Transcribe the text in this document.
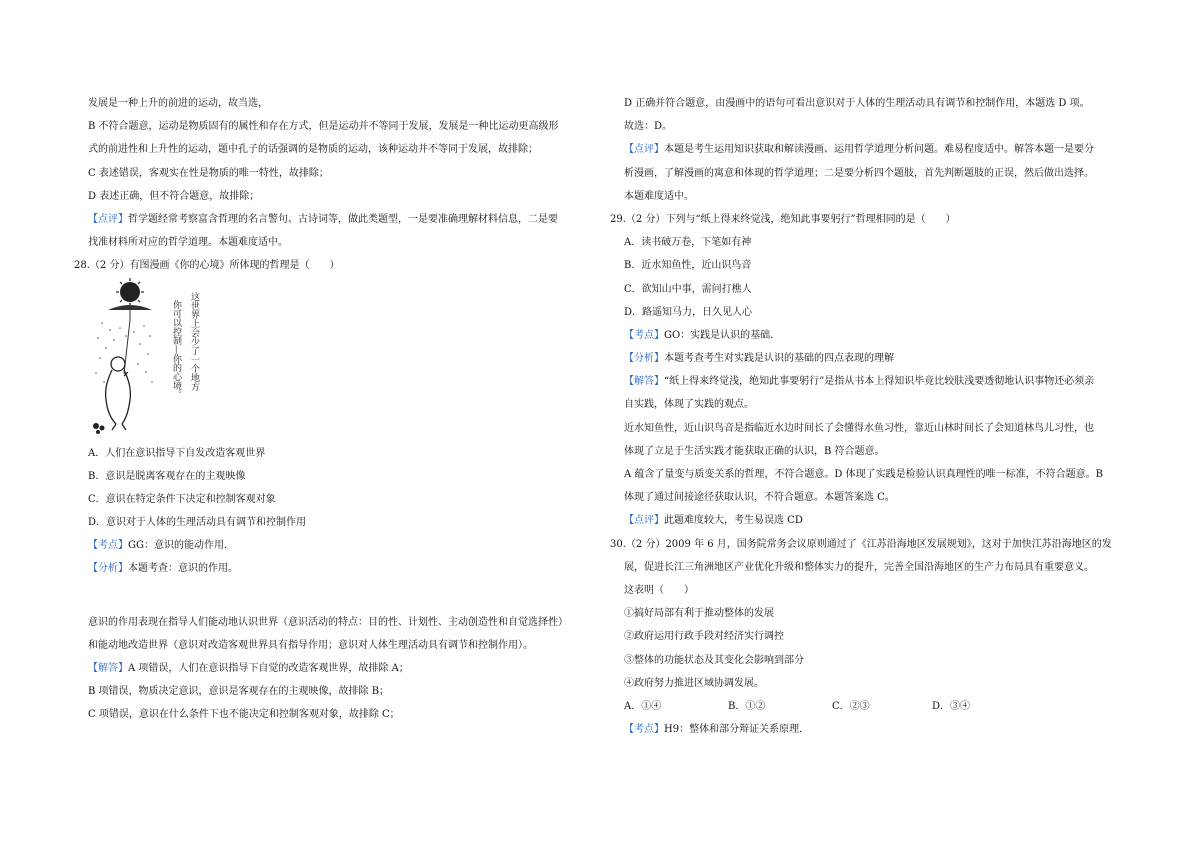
发展是一种上升的前进的运动，故当选，
B 不符合题意，运动是物质固有的属性和存在方式，但是运动并不等同于发展，发展是一种比运动更高级形
式的前进性和上升性的运动，题中孔子的话强调的是物质的运动，该种运动并不等同于发展，故排除；
C 表述错误，客观实在性是物质的唯一特性，故排除；
D 表述正确，但不符合题意，故排除；
【点评】哲学题经常考察富含哲理的名言警句、古诗词等，做此类题型，一是要准确理解材料信息，二是要
找准材料所对应的哲学道理。本题难度适中。
28.（2 分）有图漫画《你的心境》所体现的哲理是（　　）
这世界上会少了一个地方
你可以控制—你的心境。
A．人们在意识指导下自发改造客观世界
B．意识是脱离客观存在的主观映像
C．意识在特定条件下决定和控制客观对象
D．意识对于人体的生理活动具有调节和控制作用
【考点】GG：意识的能动作用．
【分析】本题考查：意识的作用。
意识的作用表现在指导人们能动地认识世界（意识活动的特点：目的性、计划性、主动创造性和自觉选择性）
和能动地改造世界（意识对改造客观世界具有指导作用；意识对人体生理活动具有调节和控制作用）。
【解答】A 项错误，人们在意识指导下自觉的改造客观世界，故排除 A；
B 项错误，物质决定意识，意识是客观存在的主观映像，故排除 B；
C 项错误，意识在什么条件下也不能决定和控制客观对象，故排除 C；
D 正确并符合题意，由漫画中的语句可看出意识对于人体的生理活动具有调节和控制作用，本题选 D 项。
故选：D。
【点评】本题是考生运用知识获取和解读漫画、运用哲学道理分析问题。难易程度适中。解答本题一是要分
析漫画，了解漫画的寓意和体现的哲学道理；二是要分析四个题肢，首先判断题肢的正误，然后做出选择。
本题难度适中。
29.（2 分）下列与“纸上得来终觉浅，绝知此事要躬行”哲理相同的是（　　）
A．读书破万卷，下笔如有神
B．近水知鱼性，近山识鸟音
C．欲知山中事，需问打樵人
D．路遥知马力，日久见人心
【考点】GO：实践是认识的基础．
【分析】本题考查考生对实践是认识的基础的四点表现的理解
【解答】“纸上得来终觉浅，绝知此事要躬行”是指从书本上得知识毕竟比较肤浅要透彻地认识事物还必须亲
自实践，体现了实践的观点。
近水知鱼性，近山识鸟音是指临近水边时间长了会懂得水鱼习性，靠近山林时间长了会知道林鸟儿习性，也
体现了立足于生活实践才能获取正确的认识，B 符合题意。
A 蕴含了量变与质变关系的哲理，不符合题意。D 体现了实践是检验认识真理性的唯一标准，不符合题意。B
体现了通过间接途径获取认识，不符合题意。本题答案选 C。
【点评】此题难度较大，考生易误选 CD
30.（2 分）2009 年 6 月，国务院常务会议原则通过了《江苏沿海地区发展规划》，这对于加快江苏沿海地区的发
展，促进长江三角洲地区产业优化升级和整体实力的提升，完善全国沿海地区的生产力布局具有重要意义。
这表明（　　）
①搞好局部有利于推动整体的发展
②政府运用行政手段对经济实行调控
③整体的功能状态及其变化会影响到部分
④政府努力推进区域协调发展。
A．①④	B．①②	C．②③	D．③④
【考点】H9：整体和部分辩证关系原理．
